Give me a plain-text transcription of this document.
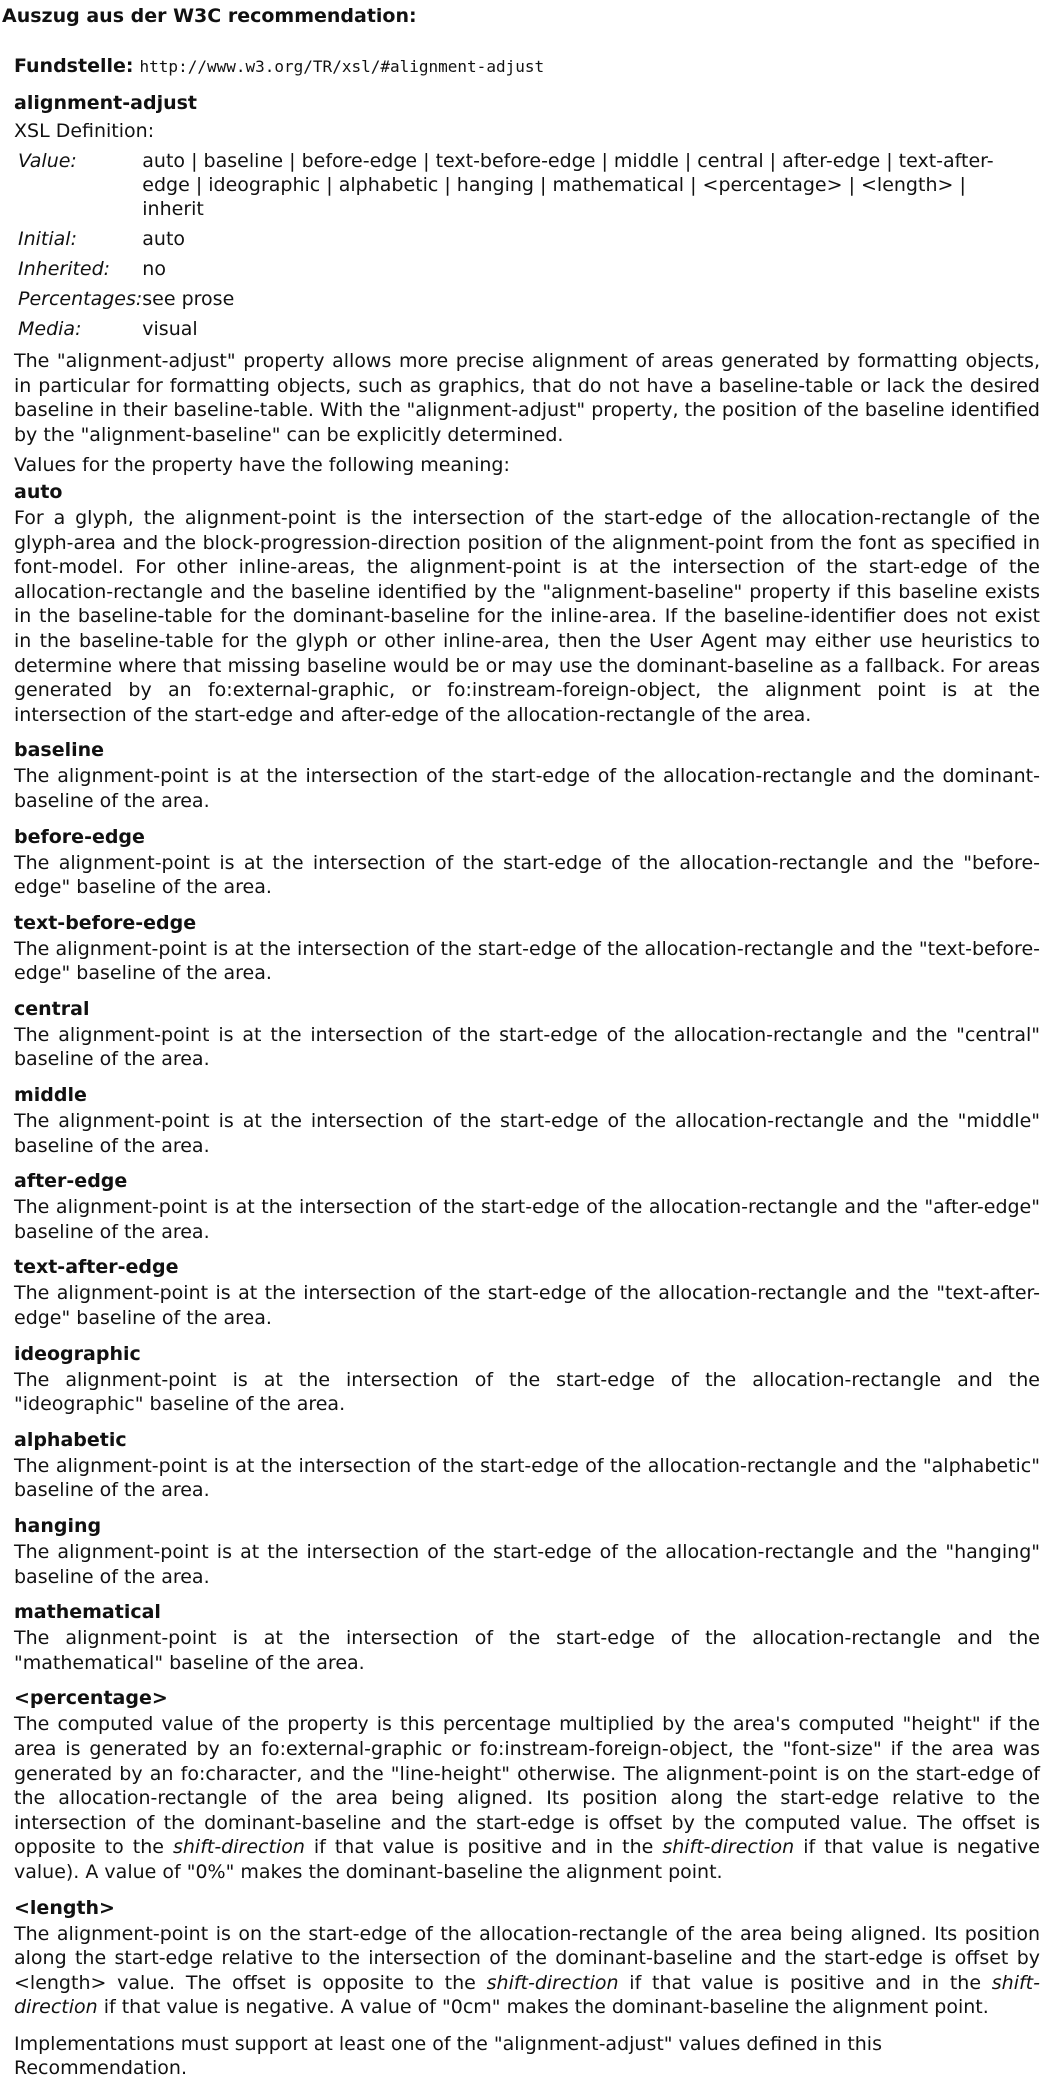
Auszug aus der W3C recommendation:
Fundstelle: http://www.w3.org/TR/xsl/#alignment-adjust
alignment-adjust
XSL Definition:
Value:	auto | baseline | before-edge | text-before-edge | middle | central | after-edge | text-after-edge | ideographic | alphabetic | hanging | mathematical | <percentage> | <length> | inherit
Initial:	auto
Inherited:	no
Percentages:	see prose
Media:	visual

The "alignment-adjust" property allows more precise alignment of areas generated by formatting objects, in particular for formatting objects, such as graphics, that do not have a baseline-table or lack the desired baseline in their baseline-table. With the "alignment-adjust" property, the position of the baseline identified by the "alignment-baseline" can be explicitly determined.

Values for the property have the following meaning:

auto
For a glyph, the alignment-point is the intersection of the start-edge of the allocation-rectangle of the glyph-area and the block-progression-direction position of the alignment-point from the font as specified in font-model. For other inline-areas, the alignment-point is at the intersection of the start-edge of the allocation-rectangle and the baseline identified by the "alignment-baseline" property if this baseline exists in the baseline-table for the dominant-baseline for the inline-area. If the baseline-identifier does not exist in the baseline-table for the glyph or other inline-area, then the User Agent may either use heuristics to determine where that missing baseline would be or may use the dominant-baseline as a fallback. For areas generated by an fo:external-graphic, or fo:instream-foreign-object, the alignment point is at the intersection of the start-edge and after-edge of the allocation-rectangle of the area.
baseline
The alignment-point is at the intersection of the start-edge of the allocation-rectangle and the dominant-baseline of the area.
before-edge
The alignment-point is at the intersection of the start-edge of the allocation-rectangle and the "before-edge" baseline of the area.
text-before-edge
The alignment-point is at the intersection of the start-edge of the allocation-rectangle and the "text-before-edge" baseline of the area.
central
The alignment-point is at the intersection of the start-edge of the allocation-rectangle and the "central" baseline of the area.
middle
The alignment-point is at the intersection of the start-edge of the allocation-rectangle and the "middle" baseline of the area.
after-edge
The alignment-point is at the intersection of the start-edge of the allocation-rectangle and the "after-edge" baseline of the area.
text-after-edge
The alignment-point is at the intersection of the start-edge of the allocation-rectangle and the "text-after-edge" baseline of the area.
ideographic
The alignment-point is at the intersection of the start-edge of the allocation-rectangle and the "ideographic" baseline of the area.
alphabetic
The alignment-point is at the intersection of the start-edge of the allocation-rectangle and the "alphabetic" baseline of the area.
hanging
The alignment-point is at the intersection of the start-edge of the allocation-rectangle and the "hanging" baseline of the area.
mathematical
The alignment-point is at the intersection of the start-edge of the allocation-rectangle and the "mathematical" baseline of the area.
<percentage>
The computed value of the property is this percentage multiplied by the area's computed "height" if the area is generated by an fo:external-graphic or fo:instream-foreign-object, the "font-size" if the area was generated by an fo:character, and the "line-height" otherwise. The alignment-point is on the start-edge of the allocation-rectangle of the area being aligned. Its position along the start-edge relative to the intersection of the dominant-baseline and the start-edge is offset by the computed value. The offset is opposite to the shift-direction if that value is positive and in the shift-direction if that value is negative value). A value of "0%" makes the dominant-baseline the alignment point.
<length>
The alignment-point is on the start-edge of the allocation-rectangle of the area being aligned. Its position along the start-edge relative to the intersection of the dominant-baseline and the start-edge is offset by <length> value. The offset is opposite to the shift-direction if that value is positive and in the shift-direction if that value is negative. A value of "0cm" makes the dominant-baseline the alignment point.
Implementations must support at least one of the "alignment-adjust" values defined in this Recommendation.
